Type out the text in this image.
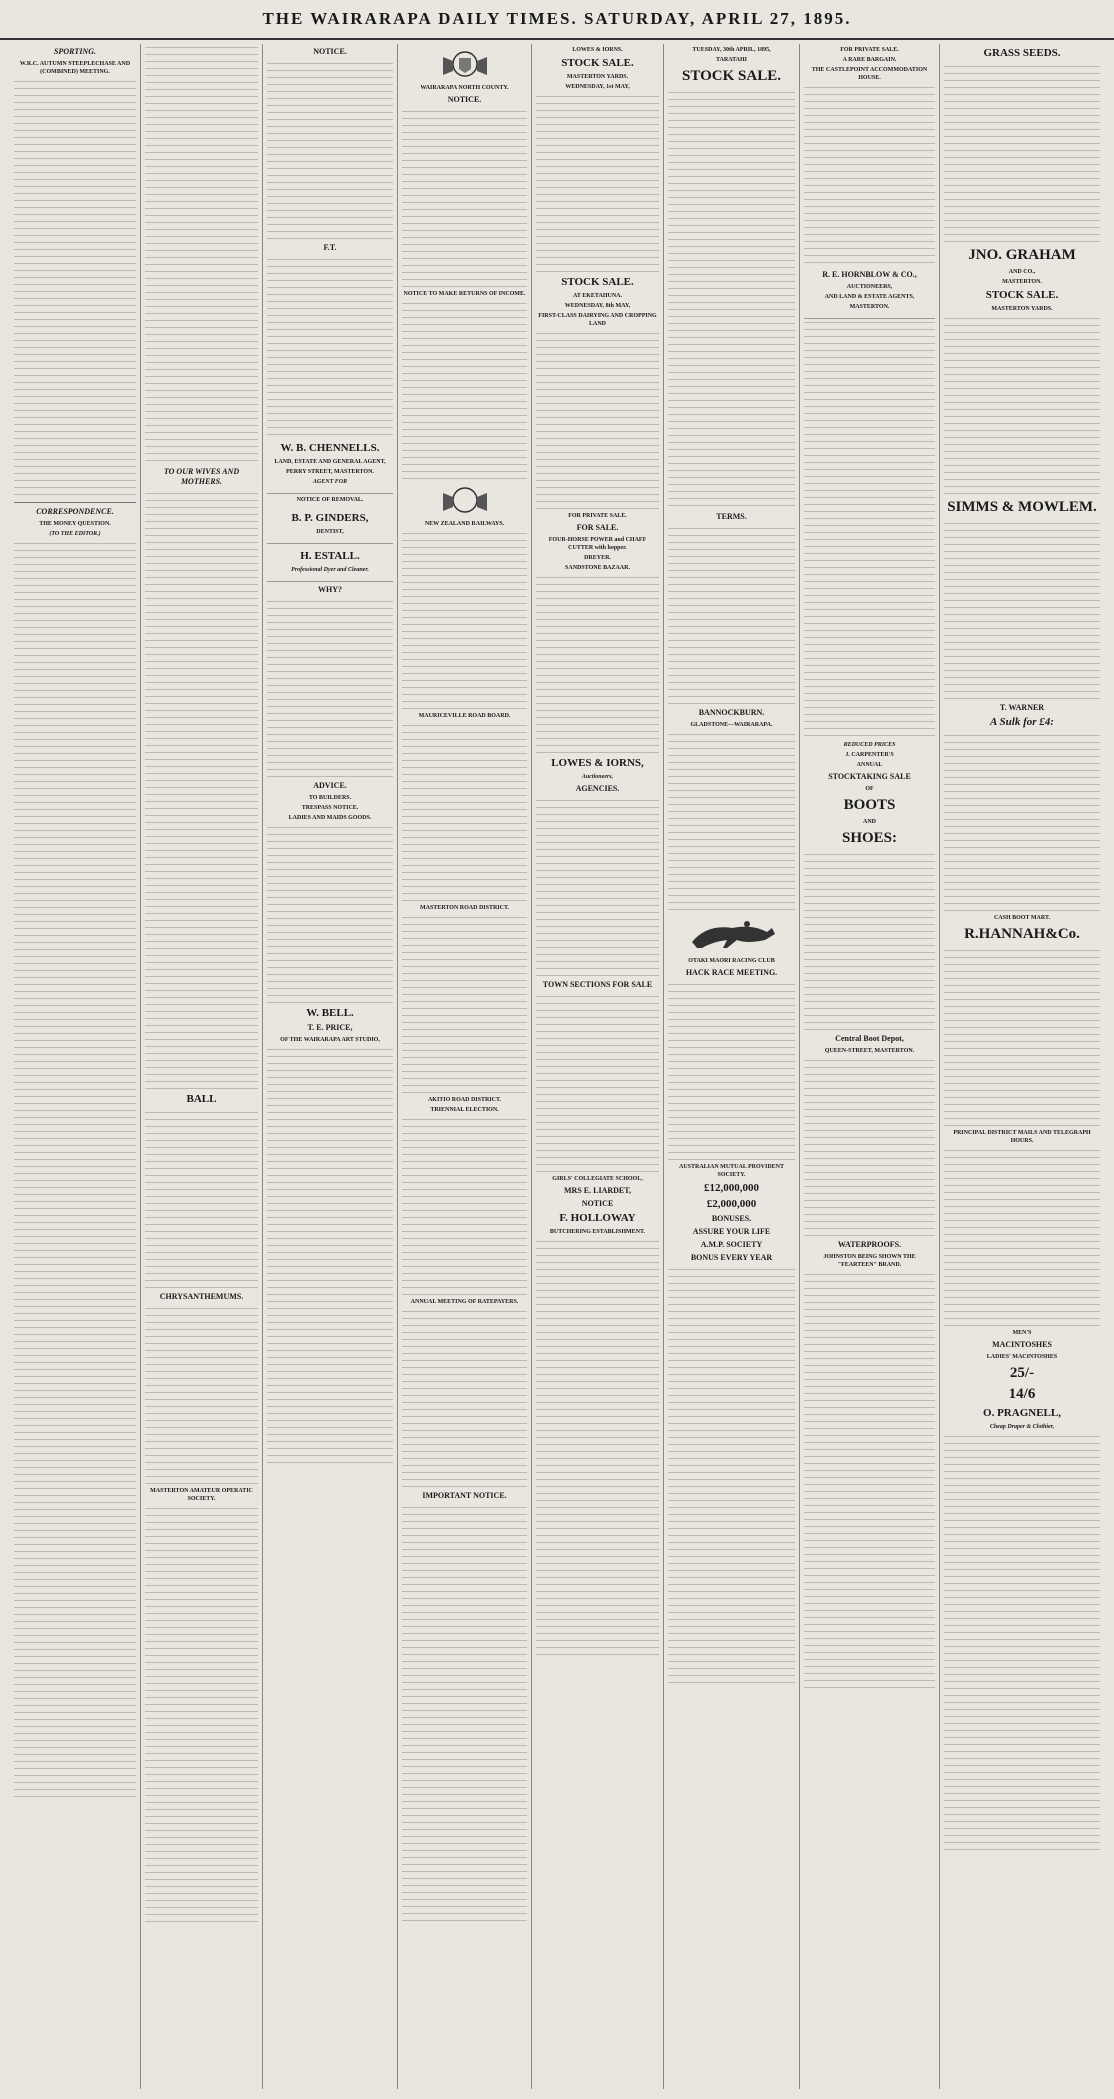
THE WAIRARAPA DAILY TIMES. SATURDAY, APRIL 27, 1895.
SPORTING.
W.R.C. AUTUMN STEEPLECHASE AND (COMBINED) MEETING.
CORRESPONDENCE.
THE MONEY QUESTION.
(TO THE EDITOR.)
TO OUR WIVES AND MOTHERS.
BALL
CHRYSANTHEMUMS.
MASTERTON AMATEUR OPERATIC SOCIETY.
NOTICE.
F.T.
W. B. CHENNELLS.
LAND, ESTATE AND GENERAL AGENT,
PERRY STREET, MASTERTON.
AGENT FOR
NOTICE OF REMOVAL.
B. P. GINDERS,
DENTIST,
H. ESTALL.
Professional Dyer and Cleaner.
WHY?
ADVICE.
TO BUILDERS.
TRESPASS NOTICE.
LADIES AND MAIDS GOODS.
W. BELL.
T. E. PRICE,
OF THE WAIRARAPA ART STUDIO,
WAIRARAPA NORTH COUNTY.
NOTICE.
NOTICE TO MAKE RETURNS OF INCOME.
NEW ZEALAND RAILWAYS.
MAURICEVILLE ROAD BOARD.
MASTERTON ROAD DISTRICT.
AKITIO ROAD DISTRICT.
TRIENNIAL ELECTION.
ANNUAL MEETING OF RATEPAYERS.
IMPORTANT NOTICE.
LOWES & IORNS.
STOCK SALE.
MASTERTON YARDS.
WEDNESDAY, 1st MAY,
STOCK SALE.
AT EKETAHUNA.
WEDNESDAY, 8th MAY,
FIRST-CLASS DAIRYING AND CROPPING LAND
FOR PRIVATE SALE.
FOR SALE.
FOUR-HORSE POWER and CHAFF CUTTER with hopper.
DREYER.
SANDSTONE BAZAAR.
LOWES & IORNS,
Auctioneers,
AGENCIES.
TOWN SECTIONS FOR SALE
GIRLS' COLLEGIATE SCHOOL,
MRS E. LIARDET,
NOTICE
F. HOLLOWAY
BUTCHERING ESTABLISHMENT.
TUESDAY, 30th APRIL, 1895,
TARATAHI
STOCK SALE.
TERMS.
BANNOCKBURN.
GLADSTONE—WAIRARAPA.
OTAKI MAORI RACING CLUB
HACK RACE MEETING.
AUSTRALIAN MUTUAL PROVIDENT SOCIETY.
£12,000,000
£2,000,000
BONUSES.
ASSURE YOUR LIFE
A.M.P. SOCIETY
BONUS EVERY YEAR
FOR PRIVATE SALE.
A RARE BARGAIN.
THE CASTLEPOINT ACCOMMODATION HOUSE.
R. E. HORNBLOW & CO.,
AUCTIONEERS,
AND LAND & ESTATE AGENTS,
MASTERTON.
REDUCED PRICES
J. CARPENTER'S
ANNUAL
STOCKTAKING SALE
OF
BOOTS
AND
SHOES:
Central Boot Depot,
QUEEN-STREET, MASTERTON.
WATERPROOFS.
JOHNSTON BEING SHOWN THE "FEARTEEN" BRAND.
GRASS SEEDS.
JNO. GRAHAM
AND CO.,
MASTERTON.
STOCK SALE.
MASTERTON YARDS.
SIMMS & MOWLEM.
T. WARNER
A Sulk for £4:
CASH BOOT MART.
R.HANNAH&Co.
PRINCIPAL DISTRICT MAILS AND TELEGRAPH HOURS.
MEN'S
MACINTOSHES
LADIES' MACINTOSHES
25/-
14/6
O. PRAGNELL,
Cheap Draper & Clothier,
